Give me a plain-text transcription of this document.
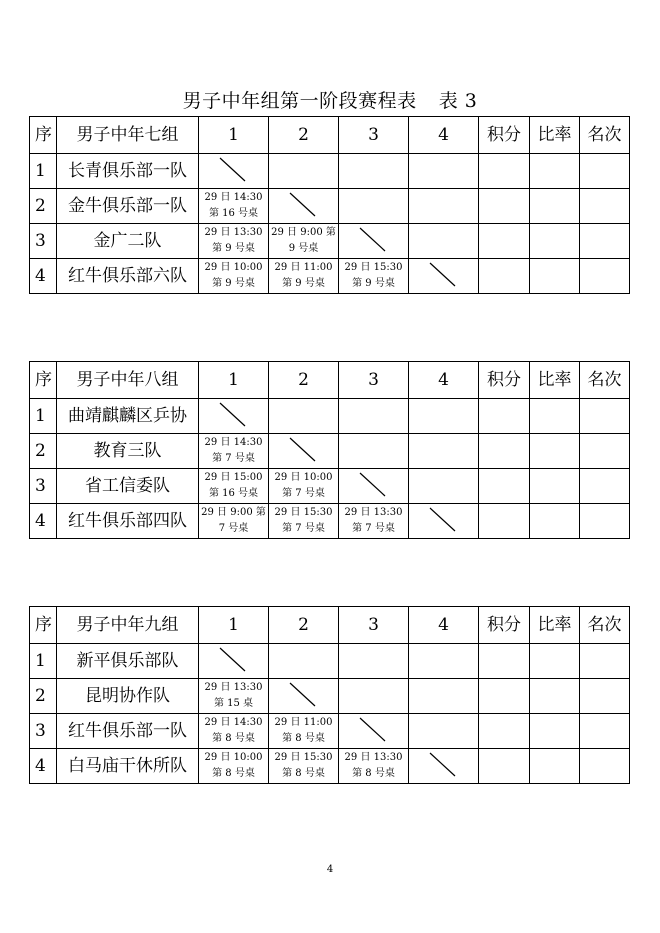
男子中年组第一阶段赛程表 表 3
序	男子中年七组	1	2	3	4	积分	比率	名次
1	长青俱乐部一队	

2	金牛俱乐部一队	29 日 14:30
第 16 号桌

3	金广二队	29 日 13:30
第 9 号桌	29 日 9:00 第
9 号桌

4	红牛俱乐部六队	29 日 10:00
第 9 号桌	29 日 11:00
第 9 号桌	29 日 15:30
第 9 号桌

序	男子中年八组	1	2	3	4	积分	比率	名次
1	曲靖麒麟区乒协	

2	教育三队	29 日 14:30
第 7 号桌

3	省工信委队	29 日 15:00
第 16 号桌	29 日 10:00
第 7 号桌

4	红牛俱乐部四队	29 日 9:00 第
7 号桌	29 日 15:30
第 7 号桌	29 日 13:30
第 7 号桌

序	男子中年九组	1	2	3	4	积分	比率	名次
1	新平俱乐部队	

2	昆明协作队	29 日 13:30
第 15 桌

3	红牛俱乐部一队	29 日 14:30
第 8 号桌	29 日 11:00
第 8 号桌

4	白马庙干休所队	29 日 10:00
第 8 号桌	29 日 15:30
第 8 号桌	29 日 13:30
第 8 号桌

4
